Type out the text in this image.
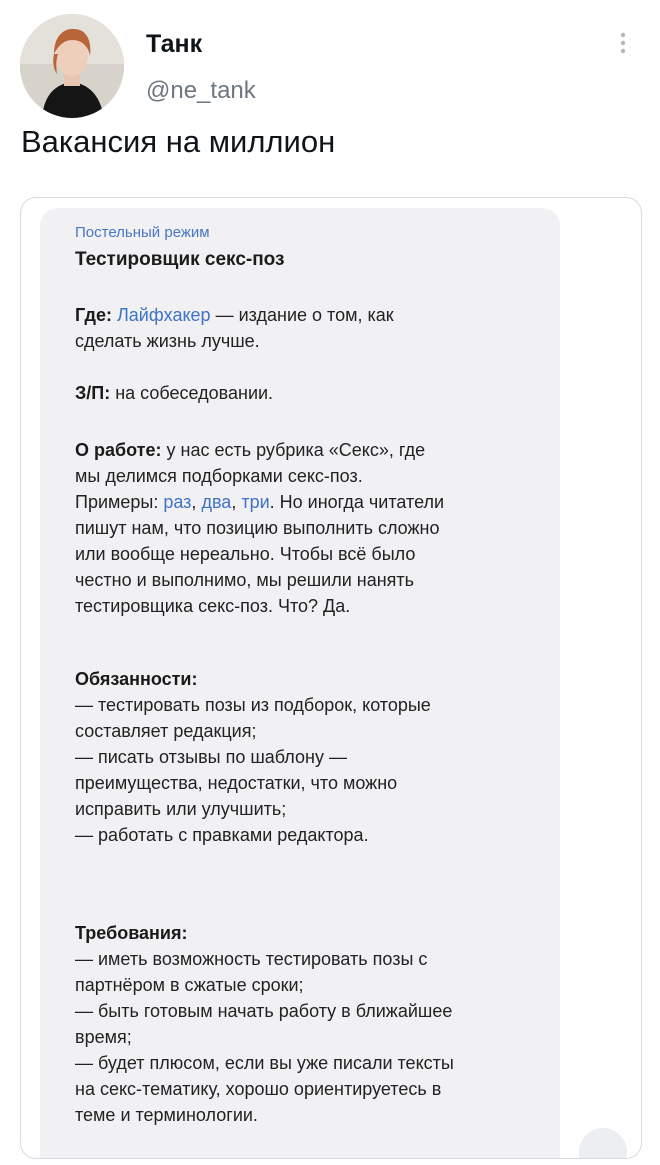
Танк
@ne_tank
Вакансия на миллион
Постельный режим
Тестировщик секс-поз
Где: Лайфхакер — издание о том, как
сделать жизнь лучше.
З/П: на собеседовании.
О работе: у нас есть рубрика «Секс», где
мы делимся подборками секс-поз.
Примеры: раз, два, три. Но иногда читатели
пишут нам, что позицию выполнить сложно
или вообще нереально. Чтобы всё было
честно и выполнимо, мы решили нанять
тестировщика секс-поз. Что? Да.
Обязанности:
— тестировать позы из подборок, которые
составляет редакция;
— писать отзывы по шаблону —
преимущества, недостатки, что можно
исправить или улучшить;
— работать с правками редактора.
Требования:
— иметь возможность тестировать позы с
партнёром в сжатые сроки;
— быть готовым начать работу в ближайшее
время;
— будет плюсом, если вы уже писали тексты
на секс-тематику, хорошо ориентируетесь в
теме и терминологии.
